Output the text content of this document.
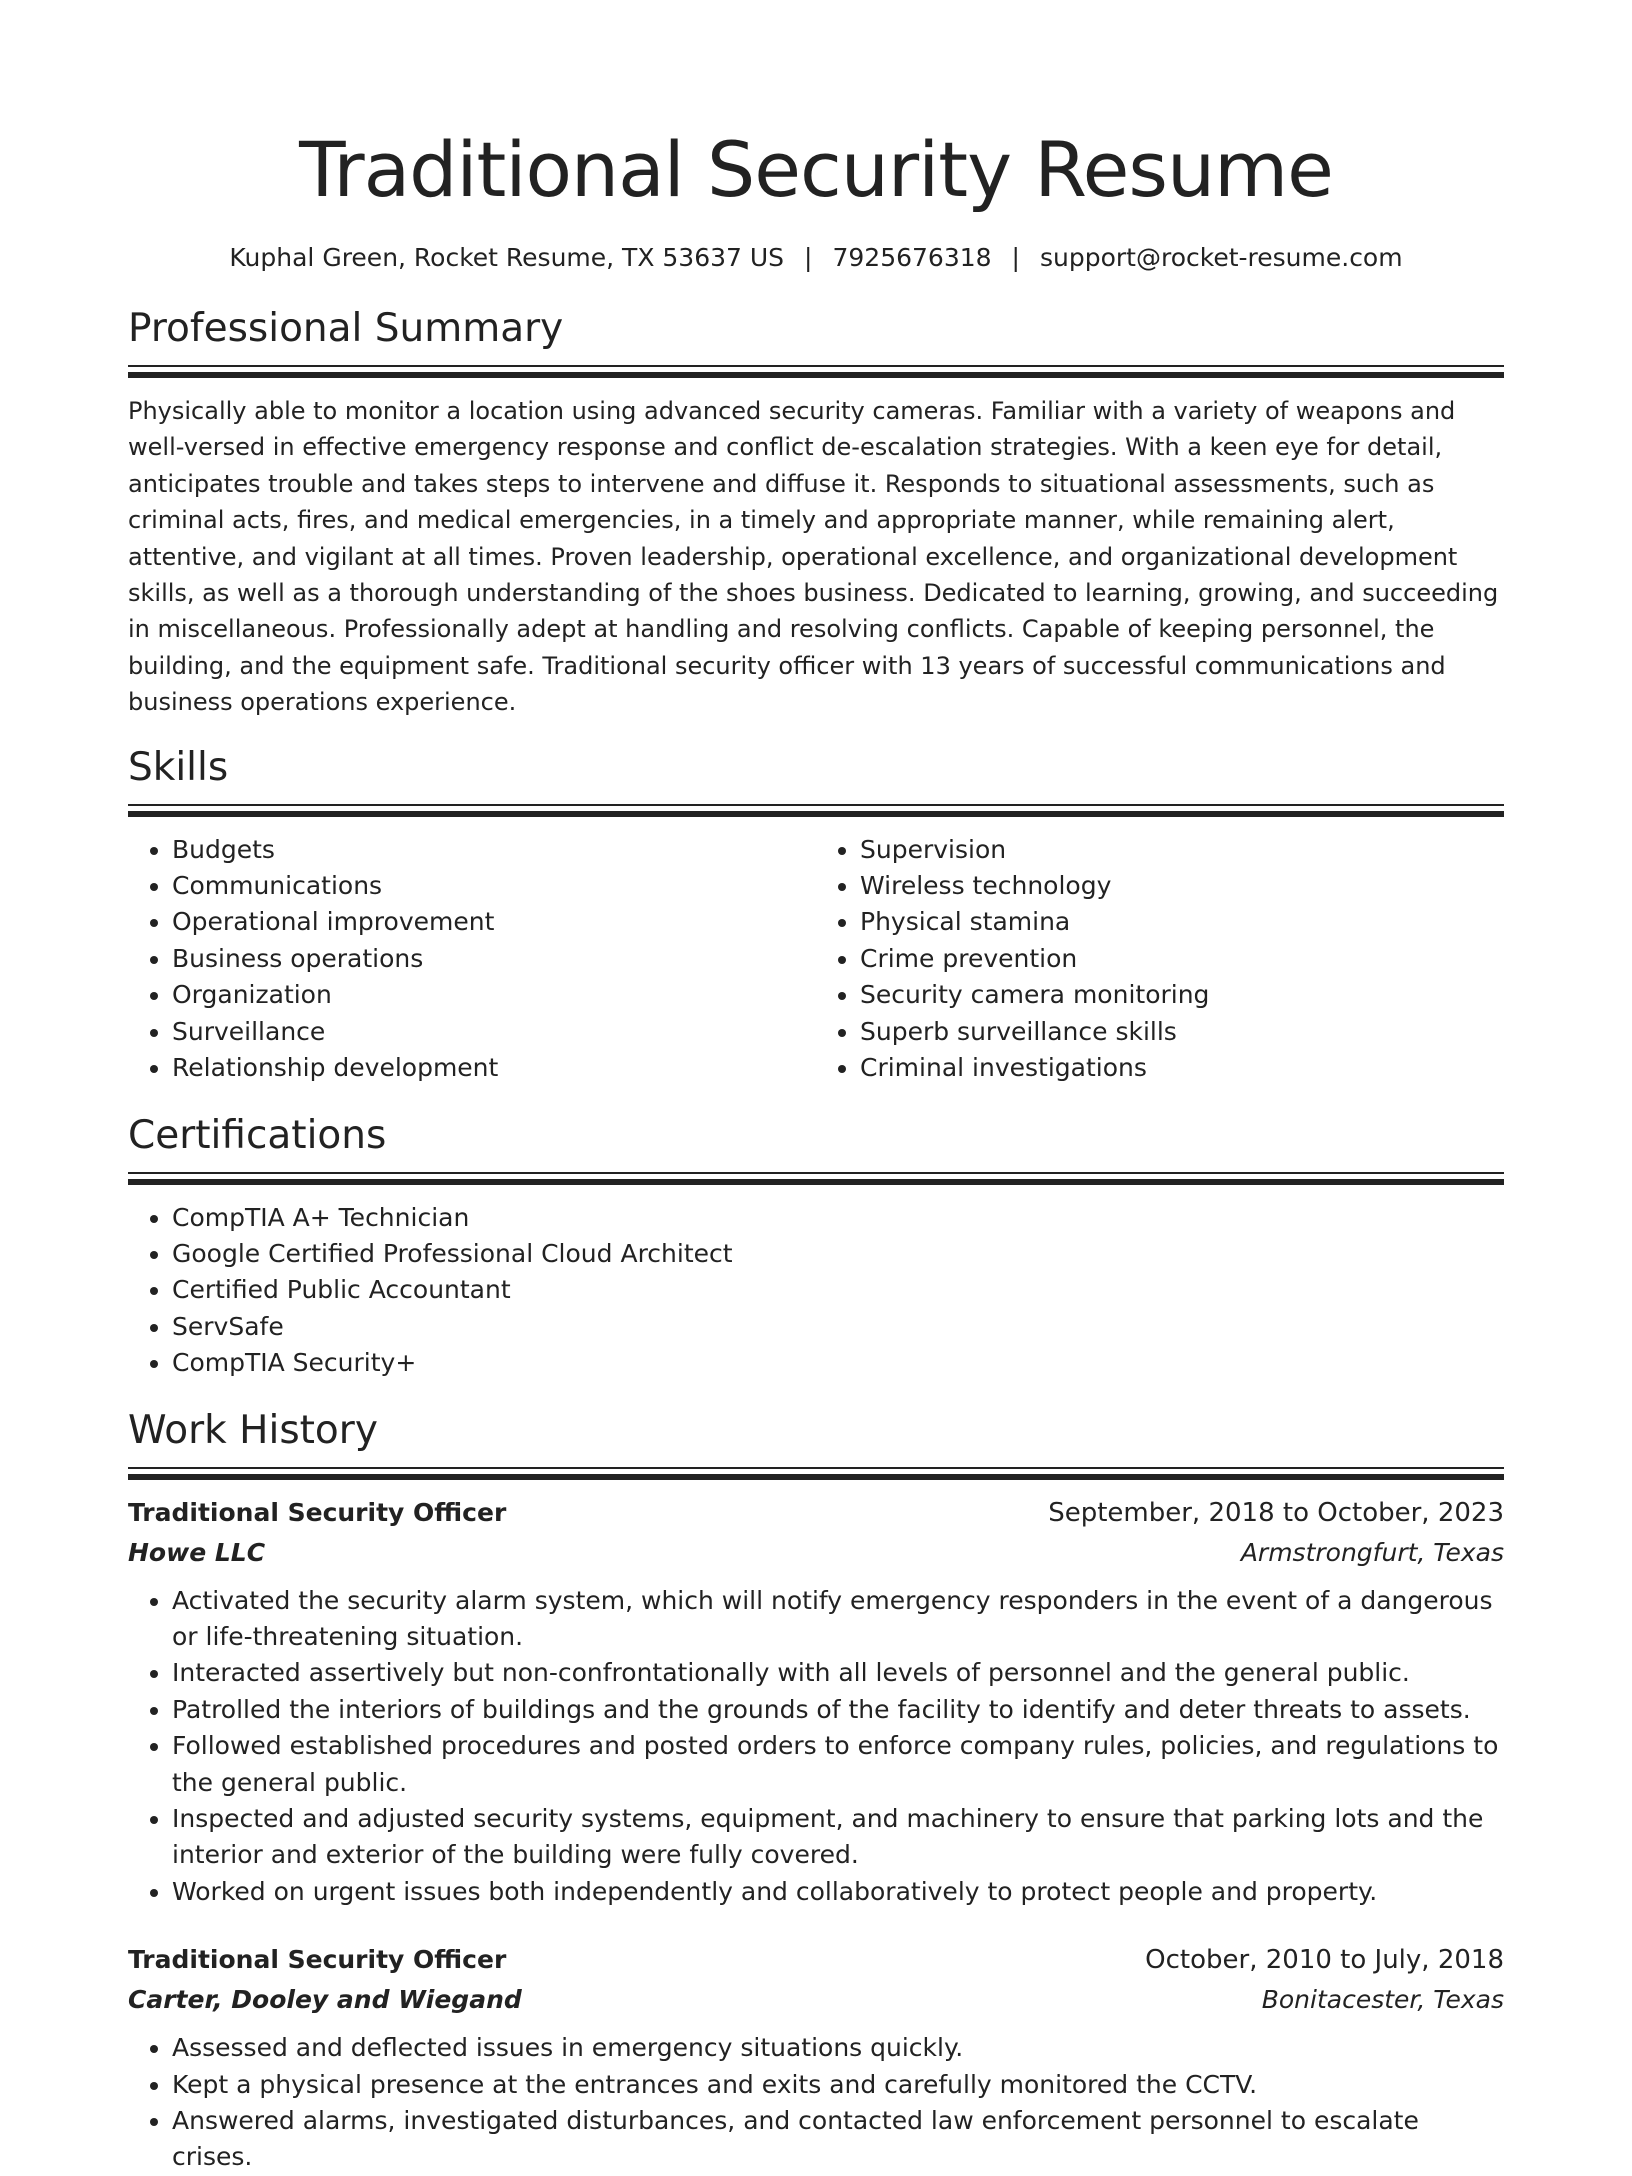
Traditional Security Resume
Kuphal Green, Rocket Resume, TX 53637 US | 7925676318 | support@rocket-resume.com
Professional Summary

Physically able to monitor a location using advanced security cameras. Familiar with a variety of weapons and well-versed in effective emergency response and conflict de-escalation strategies. With a keen eye for detail, anticipates trouble and takes steps to intervene and diffuse it. Responds to situational assessments, such as criminal acts, fires, and medical emergencies, in a timely and appropriate manner, while remaining alert, attentive, and vigilant at all times. Proven leadership, operational excellence, and organizational development skills, as well as a thorough understanding of the shoes business. Dedicated to learning, growing, and succeeding in miscellaneous. Professionally adept at handling and resolving conflicts. Capable of keeping personnel, the building, and the equipment safe. Traditional security officer with 13 years of successful communications and business operations experience.

Skills
• Budgets
• Communications
• Operational improvement
• Business operations
• Organization
• Surveillance
• Relationship development
• Supervision
• Wireless technology
• Physical stamina
• Crime prevention
• Security camera monitoring
• Superb surveillance skills
• Criminal investigations
Certifications
• CompTIA A+ Technician
• Google Certified Professional Cloud Architect
• Certified Public Accountant
• ServSafe
• CompTIA Security+
Work History
Traditional Security Officer	September, 2018 to October, 2023
Howe LLC	Armstrongfurt, Texas
• Activated the security alarm system, which will notify emergency responders in the event of a dangerous or life-threatening situation.
• Interacted assertively but non-confrontationally with all levels of personnel and the general public.
• Patrolled the interiors of buildings and the grounds of the facility to identify and deter threats to assets.
• Followed established procedures and posted orders to enforce company rules, policies, and regulations to the general public.
• Inspected and adjusted security systems, equipment, and machinery to ensure that parking lots and the interior and exterior of the building were fully covered.
• Worked on urgent issues both independently and collaboratively to protect people and property.
Traditional Security Officer	October, 2010 to July, 2018
Carter, Dooley and Wiegand	Bonitacester, Texas
• Assessed and deflected issues in emergency situations quickly.
• Kept a physical presence at the entrances and exits and carefully monitored the CCTV.
• Answered alarms, investigated disturbances, and contacted law enforcement personnel to escalate crises.
